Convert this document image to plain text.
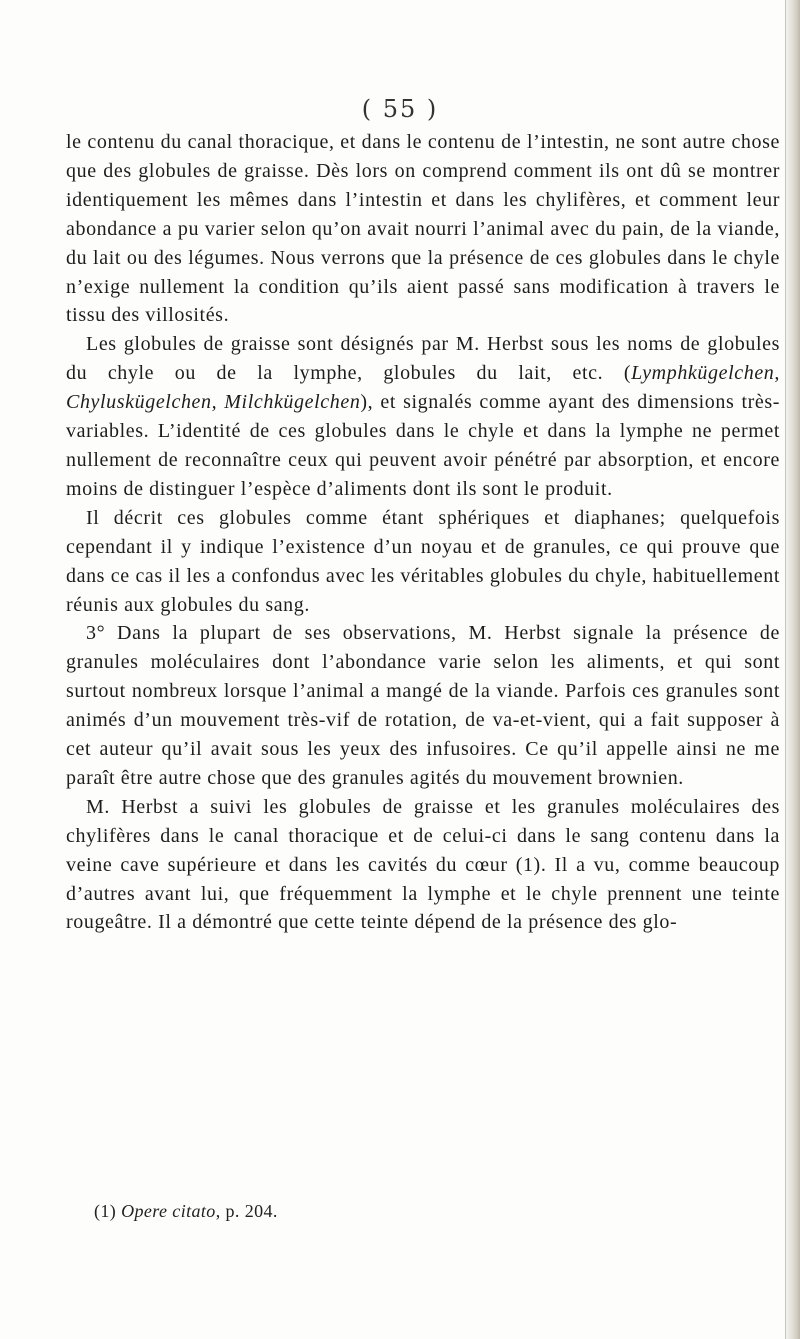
( 55 )

le contenu du canal thoracique, et dans le contenu de l’intestin, ne sont autre chose que des globules de graisse. Dès lors on comprend comment ils ont dû se montrer identiquement les mêmes dans l’intestin et dans les chylifères, et comment leur abondance a pu varier selon qu’on avait nourri l’animal avec du pain, de la viande, du lait ou des légumes. Nous verrons que la présence de ces globules dans le chyle n’exige nullement la condition qu’ils aient passé sans modification à travers le tissu des villosités.

Les globules de graisse sont désignés par M. Herbst sous les noms de globules du chyle ou de la lymphe, globules du lait, etc. (Lymphkügelchen, Chyluskügelchen, Milchkügelchen), et signalés comme ayant des dimensions très-variables. L’identité de ces globules dans le chyle et dans la lymphe ne permet nullement de reconnaître ceux qui peuvent avoir pénétré par absorption, et encore moins de distinguer l’espèce d’aliments dont ils sont le produit.

Il décrit ces globules comme étant sphériques et diaphanes; quelquefois cependant il y indique l’existence d’un noyau et de granules, ce qui prouve que dans ce cas il les a confondus avec les véritables globules du chyle, habituellement réunis aux globules du sang.

3° Dans la plupart de ses observations, M. Herbst signale la présence de granules moléculaires dont l’abondance varie selon les aliments, et qui sont surtout nombreux lorsque l’animal a mangé de la viande. Parfois ces granules sont animés d’un mouvement très-vif de rotation, de va-et-vient, qui a fait supposer à cet auteur qu’il avait sous les yeux des infusoires. Ce qu’il appelle ainsi ne me paraît être autre chose que des granules agités du mouvement brownien.

M. Herbst a suivi les globules de graisse et les granules moléculaires des chylifères dans le canal thoracique et de celui-ci dans le sang contenu dans la veine cave supérieure et dans les cavités du cœur (1). Il a vu, comme beaucoup d’autres avant lui, que fréquemment la lymphe et le chyle prennent une teinte rougeâtre. Il a démontré que cette teinte dépend de la présence des glo-

(1) Opere citato, p. 204.
